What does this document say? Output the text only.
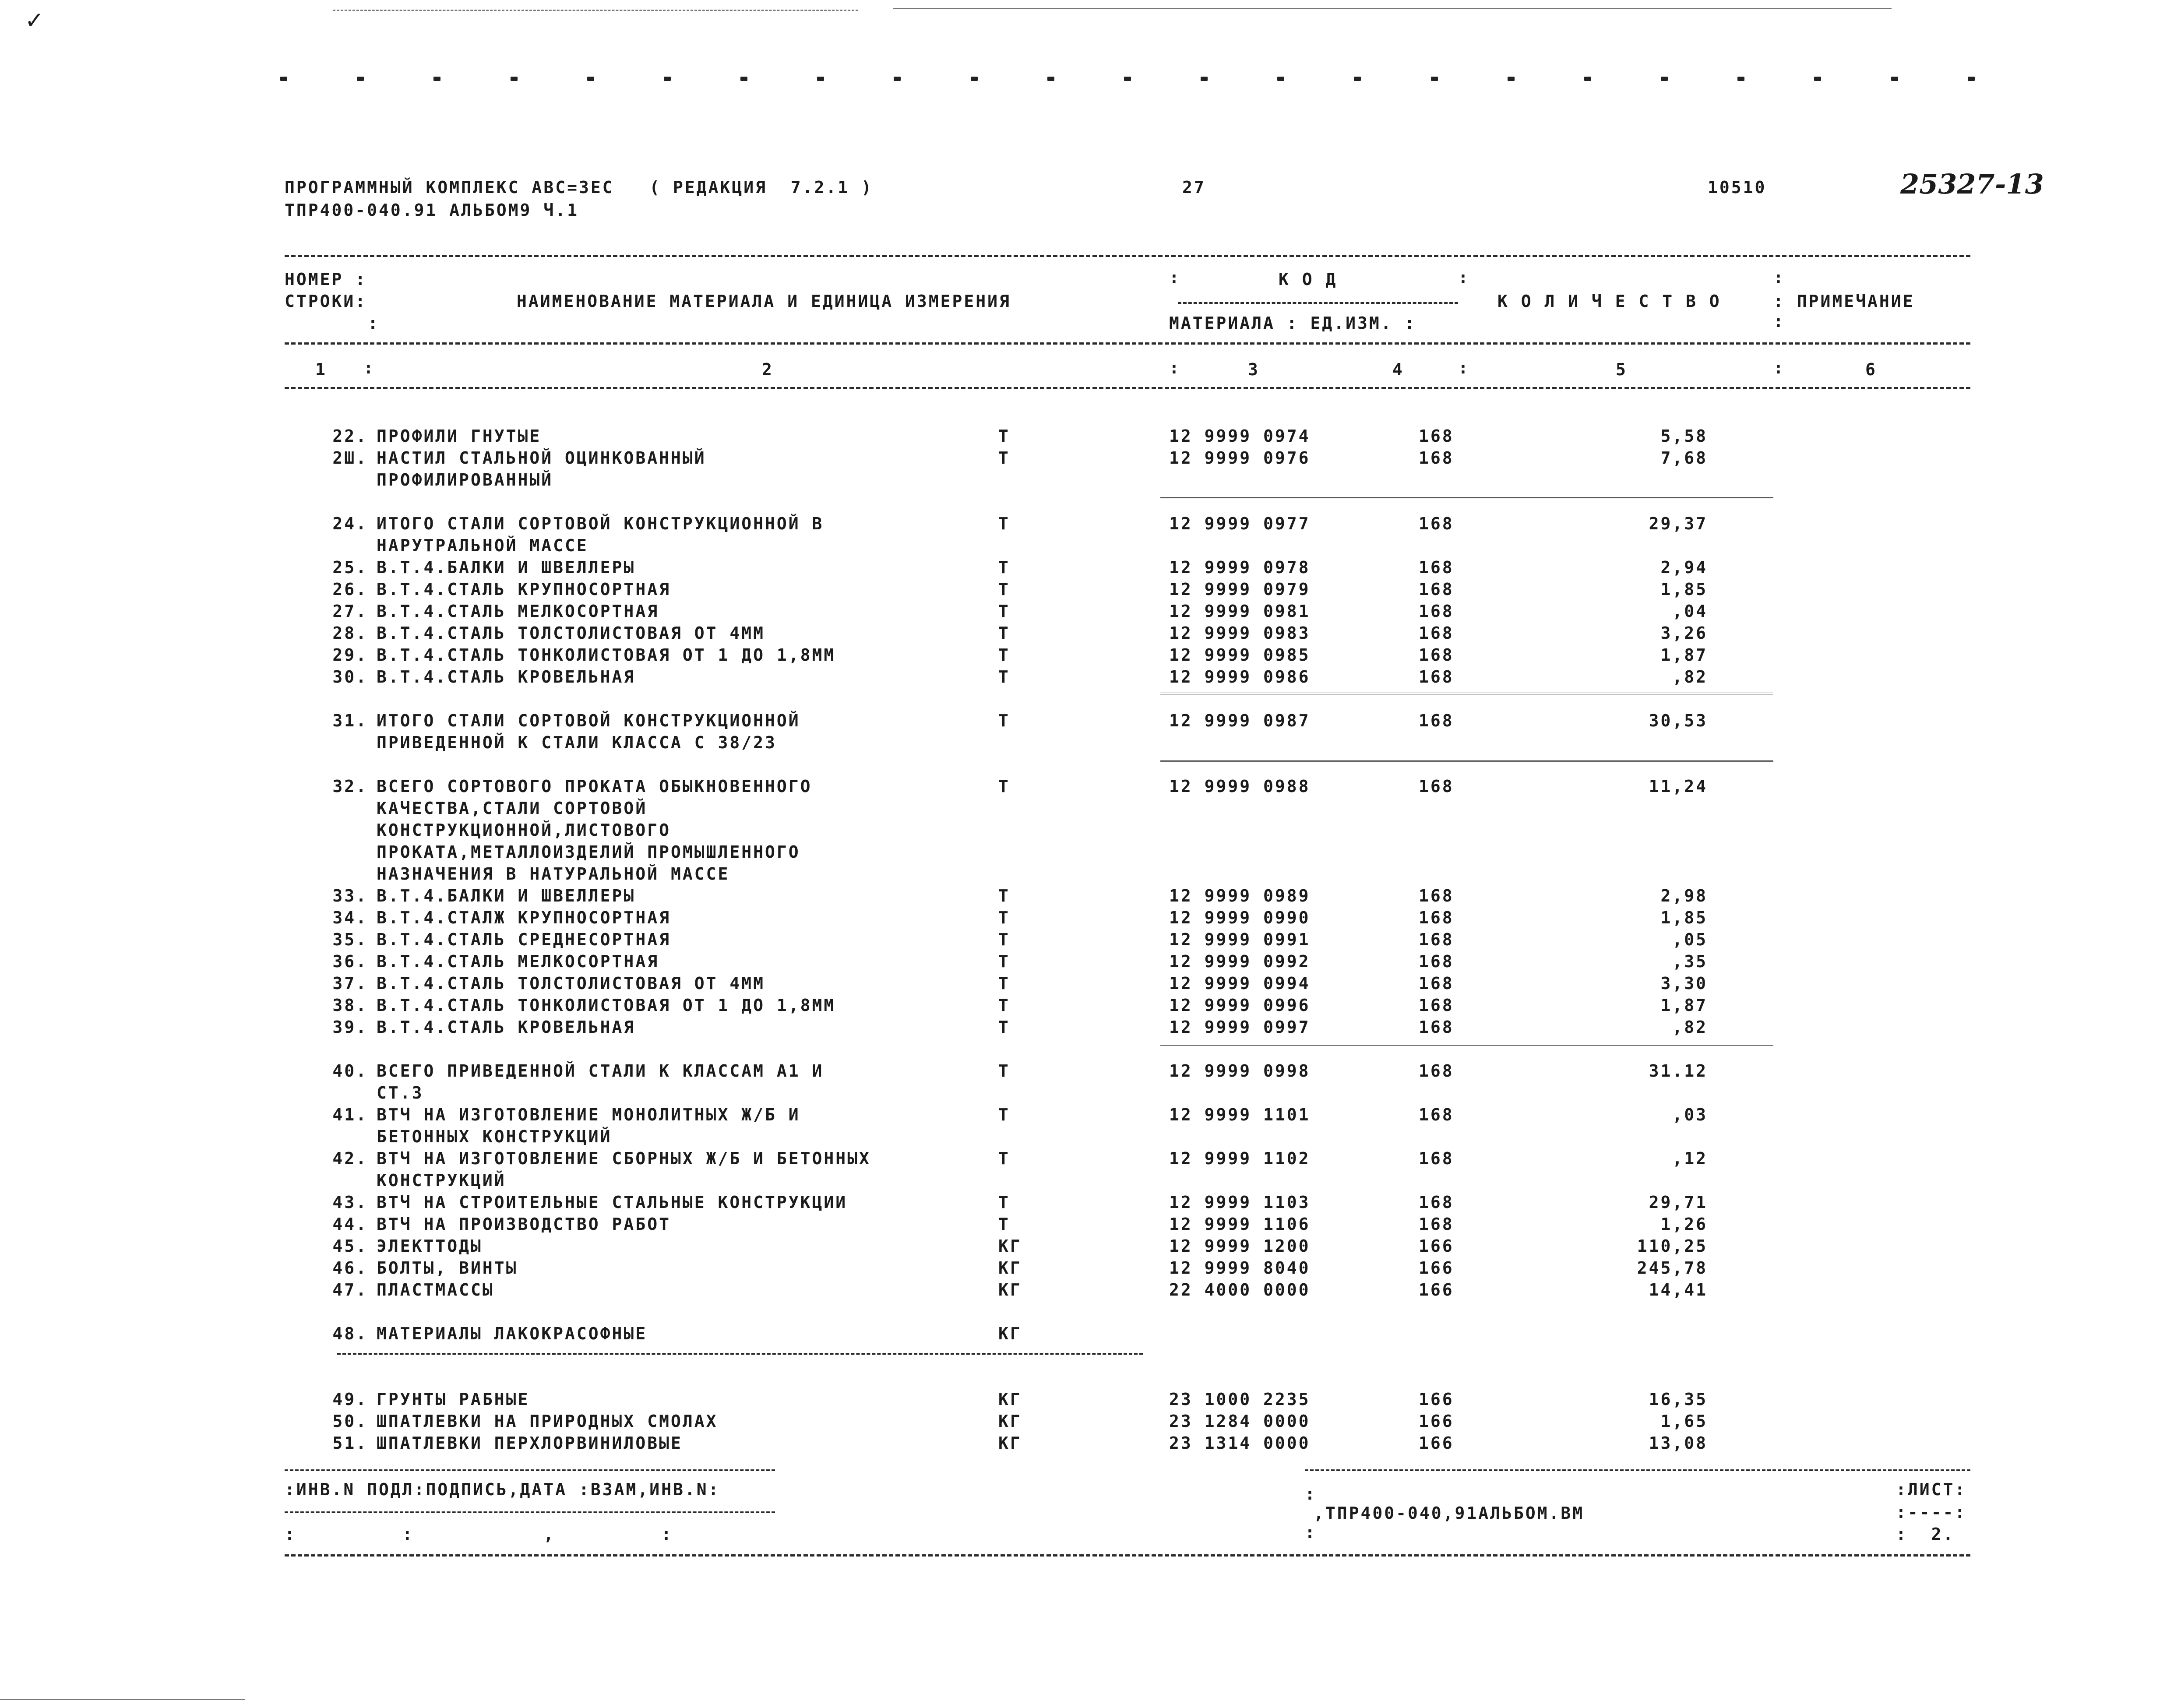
✓
ПРОГРАММНЫЙ КОМПЛЕКС АВС=3ЕС   ( РЕДАКЦИЯ  7.2.1 )
ТПР400-040.91 АЛЬБОМ9 Ч.1
27	10510	25327-13
НОМЕР :
СТРОКИ:
:
НАИМЕНОВАНИЕ МАТЕРИАЛА И ЕДИНИЦА ИЗМЕРЕНИЯ
:	К О Д	:
МАТЕРИАЛА : ЕД.ИЗМ. :
К О Л И Ч Е С Т В О
:
: ПРИМЕЧАНИЕ
:
1 :	2	:	3	4	:	5	:	6
22. ПРОФИЛИ ГНУТЫЕ	Т	12 9999 0974	168	5,58
2Ш. НАСТИЛ СТАЛЬНОЙ ОЦИНКОВАННЫЙ	Т	12 9999 0976	168	7,68
ПРОФИЛИРОВАННЫЙ
24. ИТОГО СТАЛИ СОРТОВОЙ КОНСТРУКЦИОННОЙ В	Т	12 9999 0977	168	29,37
НАРУТРАЛЬНОЙ МАССЕ
25. В.Т.4.БАЛКИ И ШВЕЛЛЕРЫ	Т	12 9999 0978	168	2,94
26. В.Т.4.СТАЛЬ КРУПНОСОРТНАЯ	Т	12 9999 0979	168	1,85
27. В.Т.4.СТАЛЬ МЕЛКОСОРТНАЯ	Т	12 9999 0981	168	,04
28. В.Т.4.СТАЛЬ ТОЛСТОЛИСТОВАЯ ОТ 4ММ	Т	12 9999 0983	168	3,26
29. В.Т.4.СТАЛЬ ТОНКОЛИСТОВАЯ ОТ 1 ДО 1,8ММ	Т	12 9999 0985	168	1,87
30. В.Т.4.СТАЛЬ КРОВЕЛЬНАЯ	Т	12 9999 0986	168	,82
31. ИТОГО СТАЛИ СОРТОВОЙ КОНСТРУКЦИОННОЙ	Т	12 9999 0987	168	30,53
ПРИВЕДЕННОЙ К СТАЛИ КЛАССА С 38/23
32. ВСЕГО СОРТОВОГО ПРОКАТА ОБЫКНОВЕННОГО	Т	12 9999 0988	168	11,24
КАЧЕСТВА,СТАЛИ СОРТОВОЙ
КОНСТРУКЦИОННОЙ,ЛИСТОВОГО
ПРОКАТА,МЕТАЛЛОИЗДЕЛИЙ ПРОМЫШЛЕННОГО
НАЗНАЧЕНИЯ В НАТУРАЛЬНОЙ МАССЕ
33. В.Т.4.БАЛКИ И ШВЕЛЛЕРЫ	Т	12 9999 0989	168	2,98
34. В.Т.4.СТАЛЖ КРУПНОСОРТНАЯ	Т	12 9999 0990	168	1,85
35. В.Т.4.СТАЛЬ СРЕДНЕСОРТНАЯ	Т	12 9999 0991	168	,05
36. В.Т.4.СТАЛЬ МЕЛКОСОРТНАЯ	Т	12 9999 0992	168	,35
37. В.Т.4.СТАЛЬ ТОЛСТОЛИСТОВАЯ ОТ 4ММ	Т	12 9999 0994	168	3,30
38. В.Т.4.СТАЛЬ ТОНКОЛИСТОВАЯ ОТ 1 ДО 1,8ММ	Т	12 9999 0996	168	1,87
39. В.Т.4.СТАЛЬ КРОВЕЛЬНАЯ	Т	12 9999 0997	168	,82
40. ВСЕГО ПРИВЕДЕННОЙ СТАЛИ К КЛАССАМ А1 И	Т	12 9999 0998	168	31.12
СТ.3
41. ВТЧ НА ИЗГОТОВЛЕНИЕ МОНОЛИТНЫХ Ж/Б И	Т	12 9999 1101	168	,03
БЕТОННЫХ КОНСТРУКЦИЙ
42. ВТЧ НА ИЗГОТОВЛЕНИЕ СБОРНЫХ Ж/Б И БЕТОННЫХ	Т	12 9999 1102	168	,12
КОНСТРУКЦИЙ
43. ВТЧ НА СТРОИТЕЛЬНЫЕ СТАЛЬНЫЕ КОНСТРУКЦИИ	Т	12 9999 1103	168	29,71
44. ВТЧ НА ПРОИЗВОДСТВО РАБОТ	Т	12 9999 1106	168	1,26
45. ЭЛЕКТТОДЫ	КГ	12 9999 1200	166	110,25
46. БОЛТЫ, ВИНТЫ	КГ	12 9999 8040	166	245,78
47. ПЛАСТМАССЫ	КГ	22 4000 0000	166	14,41
48. МАТЕРИАЛЫ ЛАКОКРАСОФНЫЕ	КГ
49. ГРУНТЫ РАБНЫЕ	КГ	23 1000 2235	166	16,35
50. ШПАТЛЕВКИ НА ПРИРОДНЫХ СМОЛАХ	КГ	23 1284 0000	166	1,65
51. ШПАТЛЕВКИ ПЕРХЛОРВИНИЛОВЫЕ	КГ	23 1314 0000	166	13,08
:ИНВ.N ПОДЛ:ПОДПИСЬ,ДАТА :ВЗАМ,ИНВ.N:
:         :           ,         :
:
,ТПР400-040,91АЛЬБОМ.ВМ
:
:ЛИСТ:
:----:
:  2.
